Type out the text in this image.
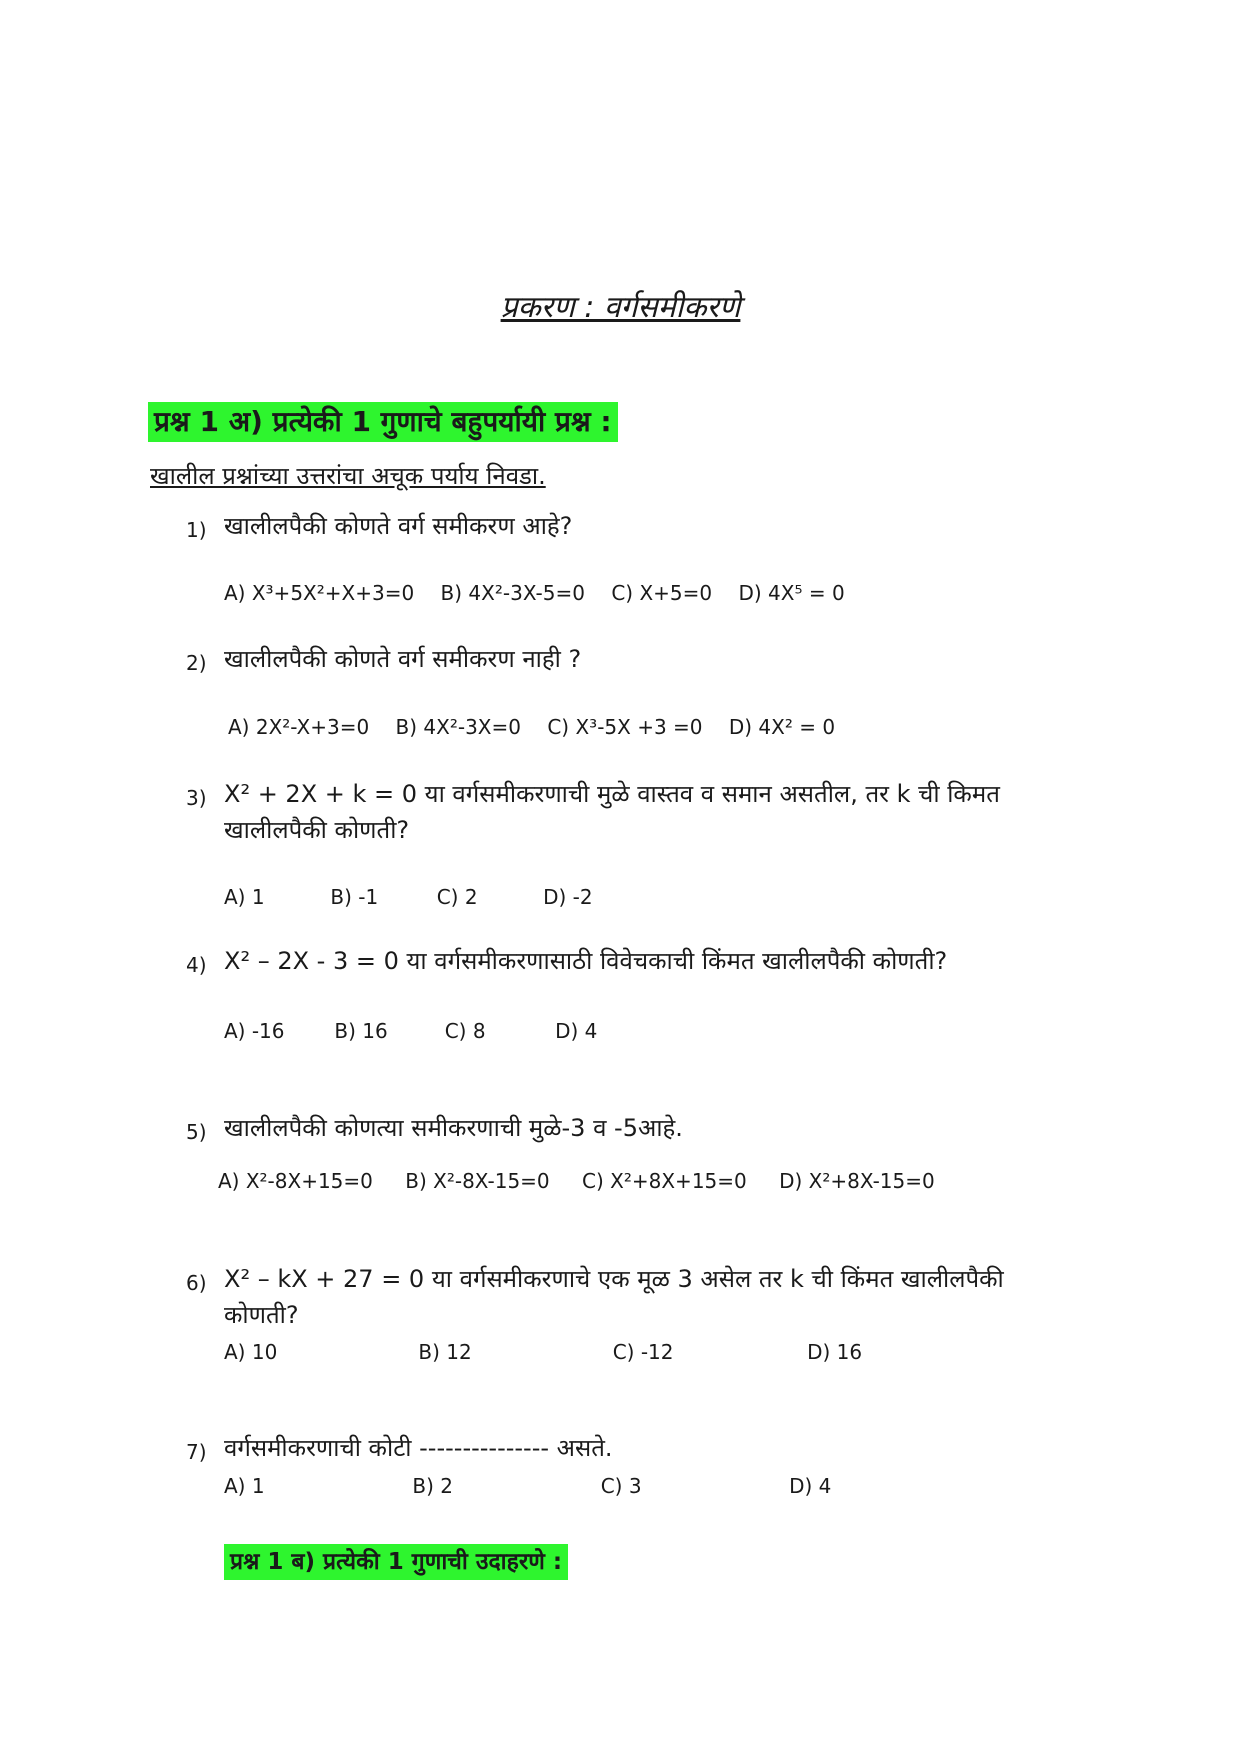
प्रकरण : वर्गसमीकरणे
प्रश्न 1 अ) प्रत्येकी 1 गुणाचे बहुपर्यायी प्रश्न :
खालील प्रश्नांच्या उत्तरांचा अचूक पर्याय निवडा.
1) खालीलपैकी कोणते वर्ग समीकरण आहे?
A) X³+5X²+X+3=0 B) 4X²-3X-5=0 C) X+5=0 D) 4X⁵ = 0
2) खालीलपैकी कोणते वर्ग समीकरण नाही ?
A) 2X²-X+3=0 B) 4X²-3X=0 C) X³-5X +3 =0 D) 4X² = 0
3) X² + 2X + k = 0 या वर्गसमीकरणाची मुळे वास्तव व समान असतील, तर k ची किमत खालीलपैकी कोणती?
A) 1	B) -1	C) 2	D) -2
4) X² – 2X - 3 = 0 या वर्गसमीकरणासाठी विवेचकाची किंमत खालीलपैकी कोणती?
A) -16 B) 16	C) 8	D) 4
5) खालीलपैकी कोणत्या समीकरणाची मुळे-3 व -5आहे.
A) X²-8X+15=0 B) X²-8X-15=0 C) X²+8X+15=0 D) X²+8X-15=0
6) X² – kX + 27 = 0 या वर्गसमीकरणाचे एक मूळ 3 असेल तर k ची किंमत खालीलपैकी कोणती?
A) 10	B) 12	C) -12	D) 16
7) वर्गसमीकरणाची कोटी --------------- असते.
A) 1	B) 2	C) 3	D) 4
प्रश्न 1 ब) प्रत्येकी 1 गुणाची उदाहरणे :
